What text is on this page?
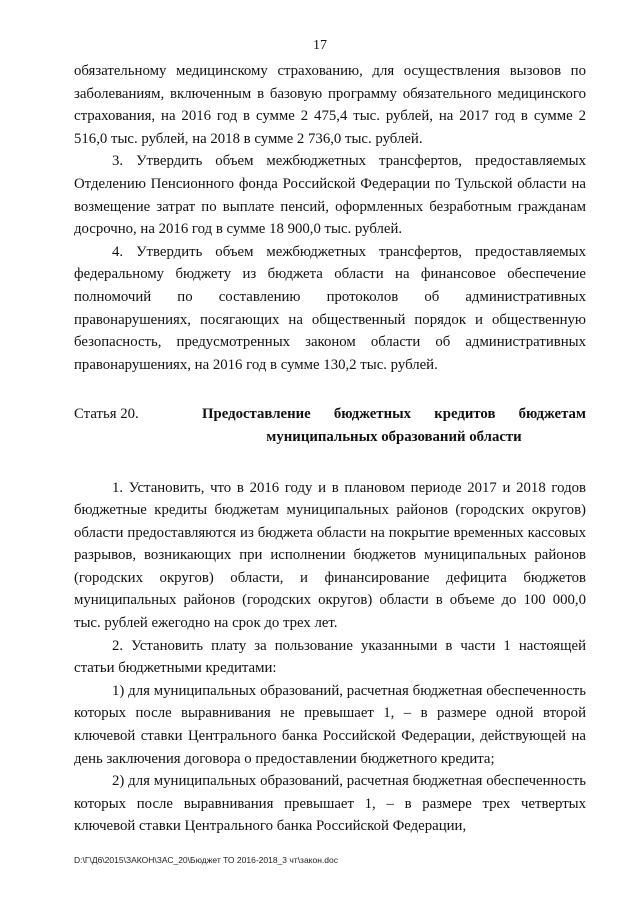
17

обязательному медицинскому страхованию, для осуществления вызовов по заболеваниям, включенным в базовую программу обязательного медицинского страхования, на 2016 год в сумме 2 475,4 тыс. рублей, на 2017 год в сумме 2 516,0 тыс. рублей, на 2018 в сумме 2 736,0 тыс. рублей.

3. Утвердить объем межбюджетных трансфертов, предоставляемых Отделению Пенсионного фонда Российской Федерации по Тульской области на возмещение затрат по выплате пенсий, оформленных безработным гражданам досрочно, на 2016 год в сумме 18 900,0 тыс. рублей.

4. Утвердить объем межбюджетных трансфертов, предоставляемых федеральному бюджету из бюджета области на финансовое обеспечение полномочий по составлению протоколов об административных правонарушениях, посягающих на общественный порядок и общественную безопасность, предусмотренных законом области об административных правонарушениях, на 2016 год в сумме 130,2 тыс. рублей.

Статья 20.	Предоставление бюджетных кредитов бюджетам муниципальных образований области

1. Установить, что в 2016 году и в плановом периоде 2017 и 2018 годов бюджетные кредиты бюджетам муниципальных районов (городских округов) области предоставляются из бюджета области на покрытие временных кассовых разрывов, возникающих при исполнении бюджетов муниципальных районов (городских округов) области, и финансирование дефицита бюджетов муниципальных районов (городских округов) области в объеме до 100 000,0 тыс. рублей ежегодно на срок до трех лет.

2. Установить плату за пользование указанными в части 1 настоящей статьи бюджетными кредитами:

1) для муниципальных образований, расчетная бюджетная обеспеченность которых после выравнивания не превышает 1, – в размере одной второй ключевой ставки Центрального банка Российской Федерации, действующей на день заключения договора о предоставлении бюджетного кредита;

2) для муниципальных образований, расчетная бюджетная обеспеченность которых после выравнивания превышает 1, – в размере трех четвертых ключевой ставки Центрального банка Российской Федерации,

D:\Г\Д6\2015\ЗАКОН\ЗАС_20\Бюджет ТО 2016-2018_3 чт\закон.doc
